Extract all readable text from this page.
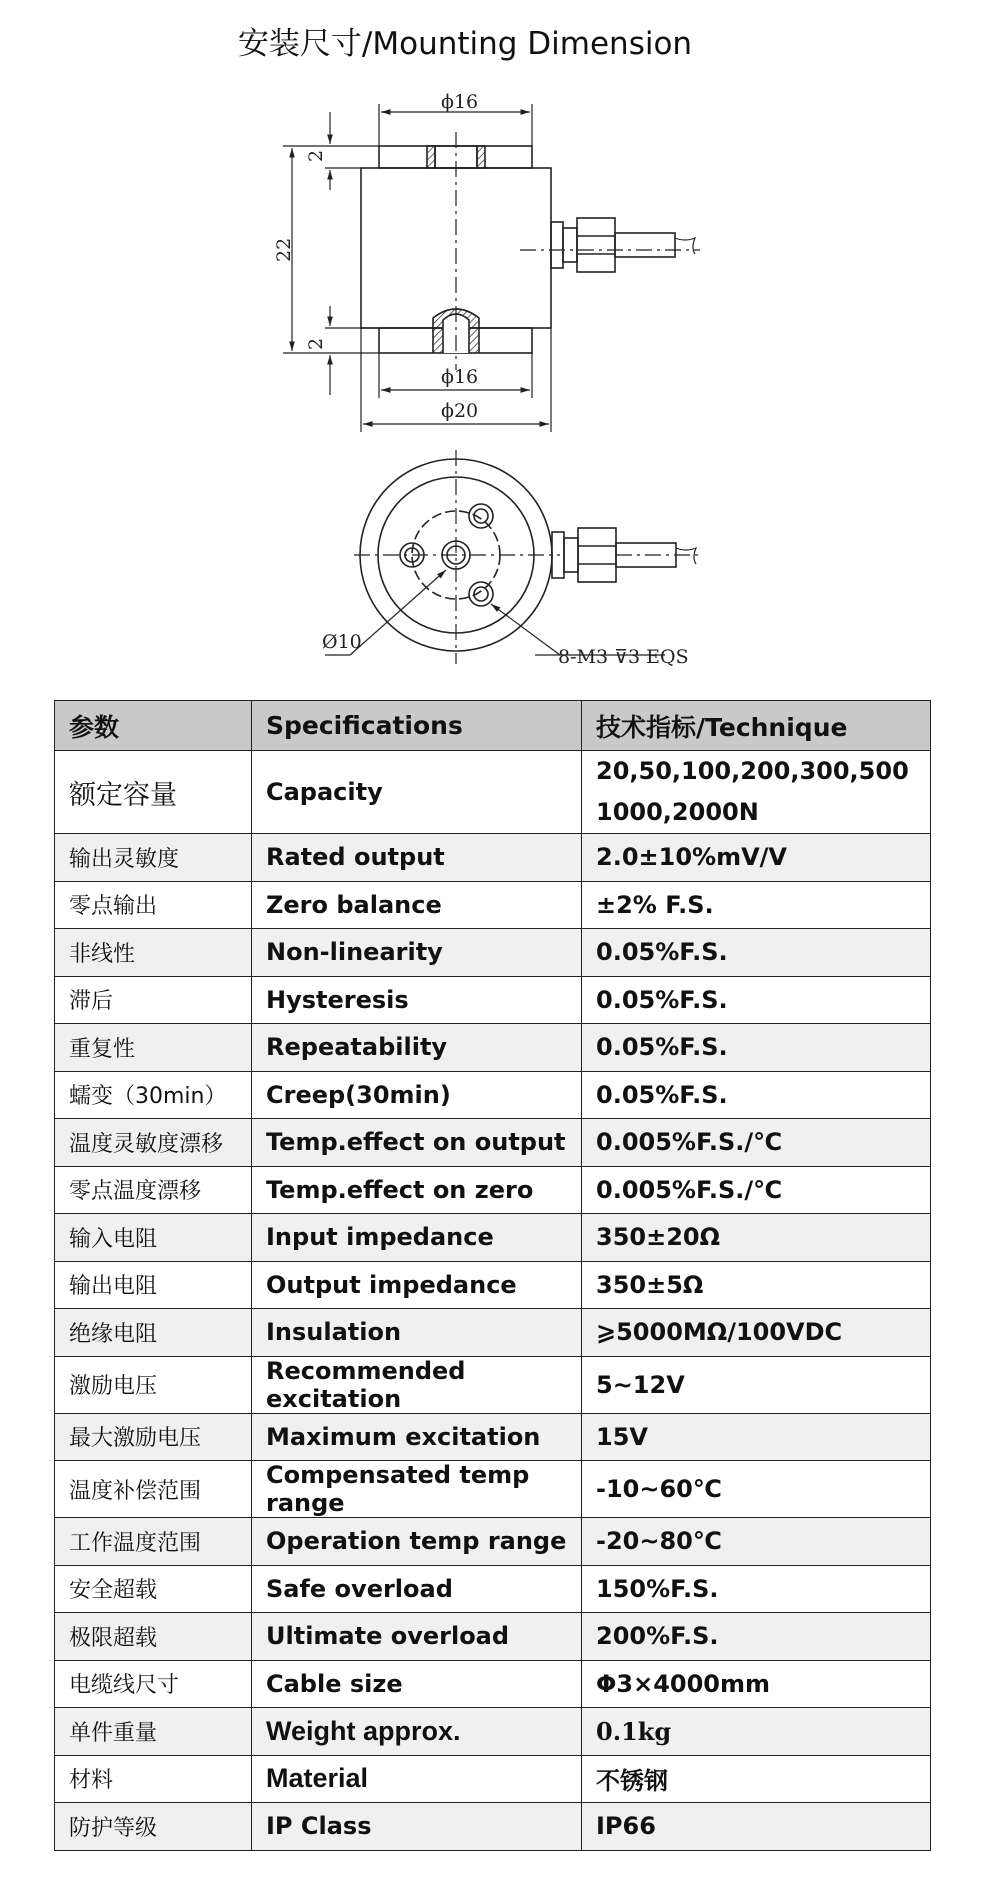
安装尺寸/Mounting Dimension
ϕ16
22
2
2
ϕ16
ϕ20
Ø10
8-M3 ⊽3 EQS
参数	Specifications	技术指标/Technique
额定容量	Capacity	20,50,100,200,300,500
1000,2000N

输出灵敏度	Rated output	2.0±10%mV/V
零点输出	Zero balance	±2% F.S.
非线性	Non-linearity	0.05%F.S.
滞后	Hysteresis	0.05%F.S.
重复性	Repeatability	0.05%F.S.
蠕变（30min）	Creep(30min)	0.05%F.S.
温度灵敏度漂移	Temp.effect on output	0.005%F.S./℃
零点温度漂移	Temp.effect on zero	0.005%F.S./℃
输入电阻	Input impedance	350±20Ω
输出电阻	Output impedance	350±5Ω
绝缘电阻	Insulation	⩾5000MΩ/100VDC
激励电压	Recommended excitation	5~12V
最大激励电压	Maximum excitation	15V
温度补偿范围	Compensated temp range	-10~60℃
工作温度范围	Operation temp range	-20~80℃
安全超载	Safe overload	150%F.S.
极限超载	Ultimate overload	200%F.S.
电缆线尺寸	Cable size	Φ3×4000mm
单件重量	Weight approx.	0.1kg
材料	Material	不锈钢
防护等级	IP Class	IP66
